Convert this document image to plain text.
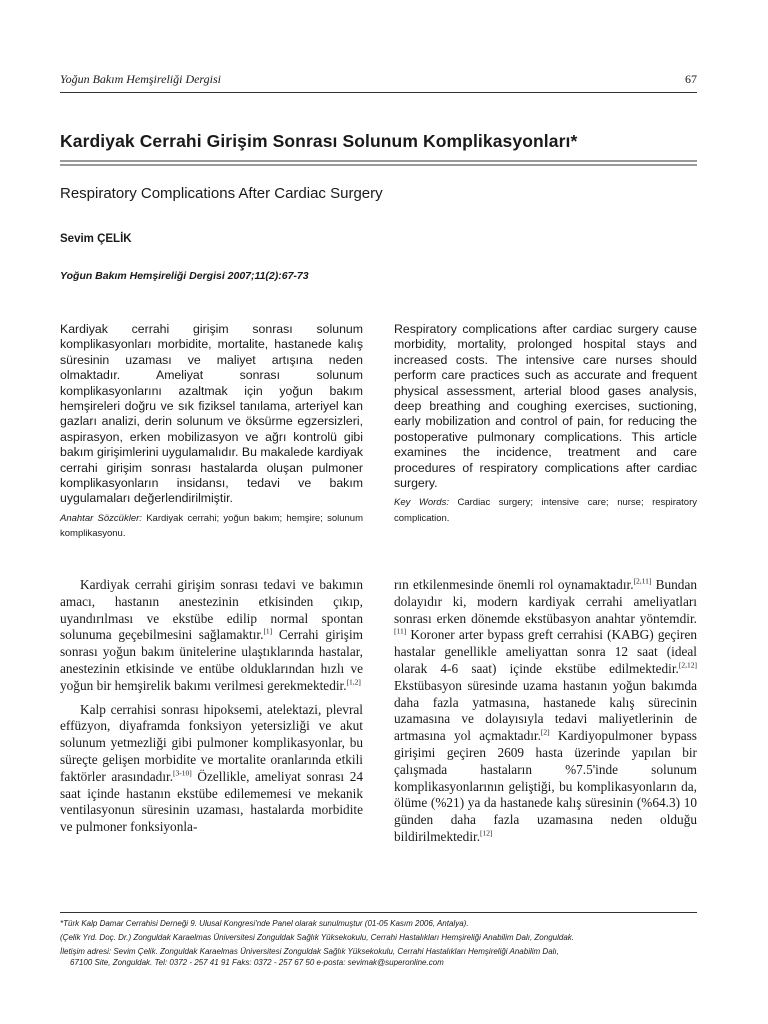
Yoğun Bakım Hemşireliği Dergisi	67
Kardiyak Cerrahi Girişim Sonrası Solunum Komplikasyonları*
Respiratory Complications After Cardiac Surgery
Sevim ÇELİK
Yoğun Bakım Hemşireliği Dergisi 2007;11(2):67-73

Kardiyak cerrahi girişim sonrası solunum komplikasyonları morbidite, mortalite, hastanede kalış süresinin uzaması ve maliyet artışına neden olmaktadır. Ameliyat sonrası solunum komplikasyonlarını azaltmak için yoğun bakım hemşireleri doğru ve sık fiziksel tanılama, arteriyel kan gazları analizi, derin solunum ve öksürme egzersizleri, aspirasyon, erken mobilizasyon ve ağrı kontrolü gibi bakım girişimlerini uygulamalıdır. Bu makalede kardiyak cerrahi girişim sonrası hastalarda oluşan pulmoner komplikasyonların insidansı, tedavi ve bakım uygulamaları değerlendirilmiştir.

Anahtar Sözcükler: Kardiyak cerrahi; yoğun bakım; hemşire; solunum komplikasyonu.

Respiratory complications after cardiac surgery cause morbidity, mortality, prolonged hospital stays and increased costs. The intensive care nurses should perform care practices such as accurate and frequent physical assessment, arterial blood gases analysis, deep breathing and coughing exercises, suctioning, early mobilization and control of pain, for reducing the postoperative pulmonary complications. This article examines the incidence, treatment and care procedures of respiratory complications after cardiac surgery.

Key Words: Cardiac surgery; intensive care; nurse; respiratory complication.

Kardiyak cerrahi girişim sonrası tedavi ve bakımın amacı, hastanın anestezinin etkisinden çıkıp, uyandırılması ve ekstübe edilip normal spontan solunuma geçebilmesini sağlamaktır.[1] Cerrahi girişim sonrası yoğun bakım ünitelerine ulaştıklarında hastalar, anestezinin etkisinde ve entübe olduklarından hızlı ve yoğun bir hemşirelik bakımı verilmesi gerekmektedir.[1,2]

Kalp cerrahisi sonrası hipoksemi, atelektazi, plevral effüzyon, diyaframda fonksiyon yetersizliği ve akut solunum yetmezliği gibi pulmoner komplikasyonlar, bu süreçte gelişen morbidite ve mortalite oranlarında etkili faktörler arasındadır.[3-10] Özellikle, ameliyat sonrası 24 saat içinde hastanın ekstübe edilememesi ve mekanik ventilasyonun süresinin uzaması, hastalarda morbidite ve pulmoner fonksiyonla-

rın etkilenmesinde önemli rol oynamaktadır.[2,11] Bundan dolayıdır ki, modern kardiyak cerrahi ameliyatları sonrası erken dönemde ekstübasyon anahtar yöntemdir.[11] Koroner arter bypass greft cerrahisi (KABG) geçiren hastalar genellikle ameliyattan sonra 12 saat (ideal olarak 4-6 saat) içinde ekstübe edilmektedir.[2,12] Ekstübasyon süresinde uzama hastanın yoğun bakımda daha fazla yatmasına, hastanede kalış sürecinin uzamasına ve dolayısıyla tedavi maliyetlerinin de artmasına yol açmaktadır.[2] Kardiyopulmoner bypass girişimi geçiren 2609 hasta üzerinde yapılan bir çalışmada hastaların %7.5'inde solunum komplikasyonlarının geliştiği, bu komplikasyonların da, ölüme (%21) ya da hastanede kalış süresinin (%64.3) 10 günden daha fazla uzamasına neden olduğu bildirilmektedir.[12]

*Türk Kalp Damar Cerrahisi Derneği 9. Ulusal Kongresi'nde Panel olarak sunulmuştur (01-05 Kasım 2006, Antalya).
(Çelik Yrd. Doç. Dr.) Zonguldak Karaelmas Üniversitesi Zonguldak Sağlık Yüksekokulu, Cerrahi Hastalıkları Hemşireliği Anabilim Dalı, Zonguldak.
İletişim adresi: Sevim Çelik. Zonguldak Karaelmas Üniversitesi Zonguldak Sağlık Yüksekokulu, Cerrahi Hastalıkları Hemşireliği Anabilim Dalı,
67100 Site, Zonguldak. Tel: 0372 - 257 41 91 Faks: 0372 - 257 67 50 e-posta: sevimak@superonline.com
